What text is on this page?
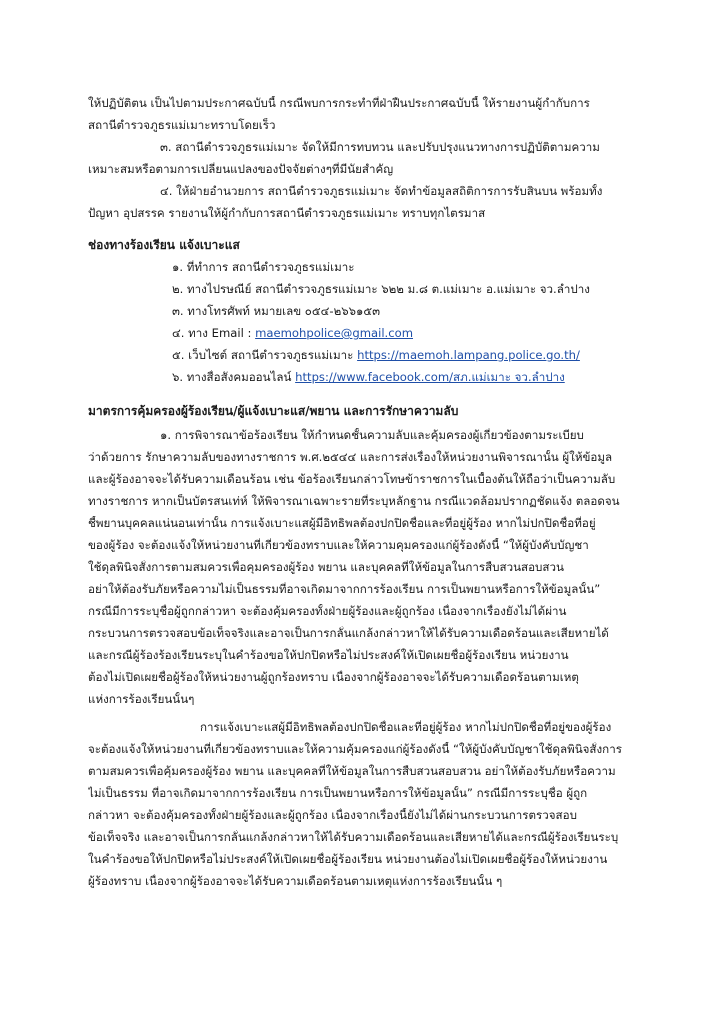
ให้ปฏิบัติตน เป็นไปตามประกาศฉบับนี้ กรณีพบการกระทำที่ฝ่าฝืนประกาศฉบับนี้ ให้รายงานผู้กำกับการ
สถานีตำรวจภูธรแม่เมาะทราบโดยเร็ว
๓. สถานีตำรวจภูธรแม่เมาะ จัดให้มีการทบทวน และปรับปรุงแนวทางการปฏิบัติตามความ
เหมาะสมหรือตามการเปลี่ยนแปลงของปัจจัยต่างๆที่มีนัยสำคัญ
๔. ให้ฝ่ายอำนวยการ สถานีตำรวจภูธรแม่เมาะ จัดทำข้อมูลสถิติการการรับสินบน พร้อมทั้ง
ปัญหา อุปสรรค รายงานให้ผู้กำกับการสถานีตำรวจภูธรแม่เมาะ ทราบทุกไตรมาส
ช่องทางร้องเรียน แจ้งเบาะแส
๑. ที่ทำการ สถานีตำรวจภูธรแม่เมาะ
๒. ทางไปรษณีย์ สถานีตำรวจภูธรแม่เมาะ ๖๒๒ ม.๘ ต.แม่เมาะ อ.แม่เมาะ จว.ลำปาง
๓. ทางโทรศัพท์ หมายเลข ๐๕๔-๒๖๖๑๕๓
๔. ทาง Email : maemohpolice@gmail.com
๕. เว็บไซต์ สถานีตำรวจภูธรแม่เมาะ https://maemoh.lampang.police.go.th/
๖. ทางสื่อสังคมออนไลน์ https://www.facebook.com/สภ.แม่เมาะ จว.ลำปาง
มาตรการคุ้มครองผู้ร้องเรียน/ผู้แจ้งเบาะแส/พยาน และการรักษาความลับ
๑. การพิจารณาข้อร้องเรียน ให้กำหนดชั้นความลับและคุ้มครองผู้เกี่ยวข้องตามระเบียบ
ว่าด้วยการ รักษาความลับของทางราชการ พ.ศ.๒๕๔๔ และการส่งเรื่องให้หน่วยงานพิจารณานั้น ผู้ให้ข้อมูล
และผู้ร้องอาจจะได้รับความเดือนร้อน เช่น ข้อร้องเรียนกล่าวโทษข้าราชการในเบื้องต้นให้ถือว่าเป็นความลับ
ทางราชการ หากเป็นบัตรสนเท่ห์ ให้พิจารณาเฉพาะรายที่ระบุหลักฐาน กรณีแวดล้อมปรากฏชัดแจ้ง ตลอดจน
ชี้พยานบุคคลแน่นอนเท่านั้น การแจ้งเบาะแสผู้มีอิทธิพลต้องปกปิดชื่อและที่อยู่ผู้ร้อง หากไม่ปกปิดชื่อที่อยู่
ของผู้ร้อง จะต้องแจ้งให้หน่วยงานที่เกี่ยวข้องทราบและให้ความคุมครองแก่ผู้ร้องดังนี้ “ให้ผู้บังคับบัญชา
ใช้ดุลพินิจสั่งการตามสมควรเพื่อคุมครองผู้ร้อง พยาน และบุคคลที่ให้ข้อมูลในการสืบสวนสอบสวน
อย่าให้ต้องรับภัยหรือความไม่เป็นธรรมที่อาจเกิดมาจากการร้องเรียน การเป็นพยานหรือการให้ข้อมูลนั้น”
กรณีมีการระบุชื่อผู้ถูกกล่าวหา จะต้องคุ้มครองทั้งฝ่ายผู้ร้องและผู้ถูกร้อง เนื่องจากเรื่องยังไม่ได้ผ่าน
กระบวนการตรวจสอบข้อเท็จจริงและอาจเป็นการกลั่นแกล้งกล่าวหาให้ได้รับความเดือดร้อนและเสียหายได้
และกรณีผู้ร้องร้องเรียนระบุในคำร้องขอให้ปกปิดหรือไม่ประสงค์ให้เปิดเผยชื่อผู้ร้องเรียน หน่วยงาน
ต้องไม่เปิดเผยชื่อผู้ร้องให้หน่วยงานผู้ถูกร้องทราบ เนื่องจากผู้ร้องอาจจะได้รับความเดือดร้อนตามเหตุ
แห่งการร้องเรียนนั้นๆ
การแจ้งเบาะแสผู้มีอิทธิพลต้องปกปิดชื่อและที่อยู่ผู้ร้อง หากไม่ปกปิดชื่อที่อยู่ของผู้ร้อง
จะต้องแจ้งให้หน่วยงานที่เกี่ยวข้องทราบและให้ความคุ้มครองแก่ผู้ร้องดังนี้ “ให้ผู้บังคับบัญชาใช้ดุลพินิจสั่งการ
ตามสมควรเพื่อคุ้มครองผู้ร้อง พยาน และบุคคลที่ให้ข้อมูลในการสืบสวนสอบสวน อย่าให้ต้องรับภัยหรือความ
ไม่เป็นธรรม ที่อาจเกิดมาจากการร้องเรียน การเป็นพยานหรือการให้ข้อมูลนั้น” กรณีมีการระบุชื่อ ผู้ถูก
กล่าวหา จะต้องคุ้มครองทั้งฝ่ายผู้ร้องและผู้ถูกร้อง เนื่องจากเรื่องนี้ยังไม่ได้ผ่านกระบวนการตรวจสอบ
ข้อเท็จจริง และอาจเป็นการกลั่นแกล้งกล่าวหาให้ได้รับความเดือดร้อนและเสียหายได้และกรณีผู้ร้องเรียนระบุ
ในคำร้องขอให้ปกปิดหรือไม่ประสงค์ให้เปิดเผยชื่อผู้ร้องเรียน หน่วยงานต้องไม่เปิดเผยชื่อผู้ร้องให้หน่วยงาน
ผู้ร้องทราบ เนื่องจากผู้ร้องอาจจะได้รับความเดือดร้อนตามเหตุแห่งการร้องเรียนนั้น ๆ
